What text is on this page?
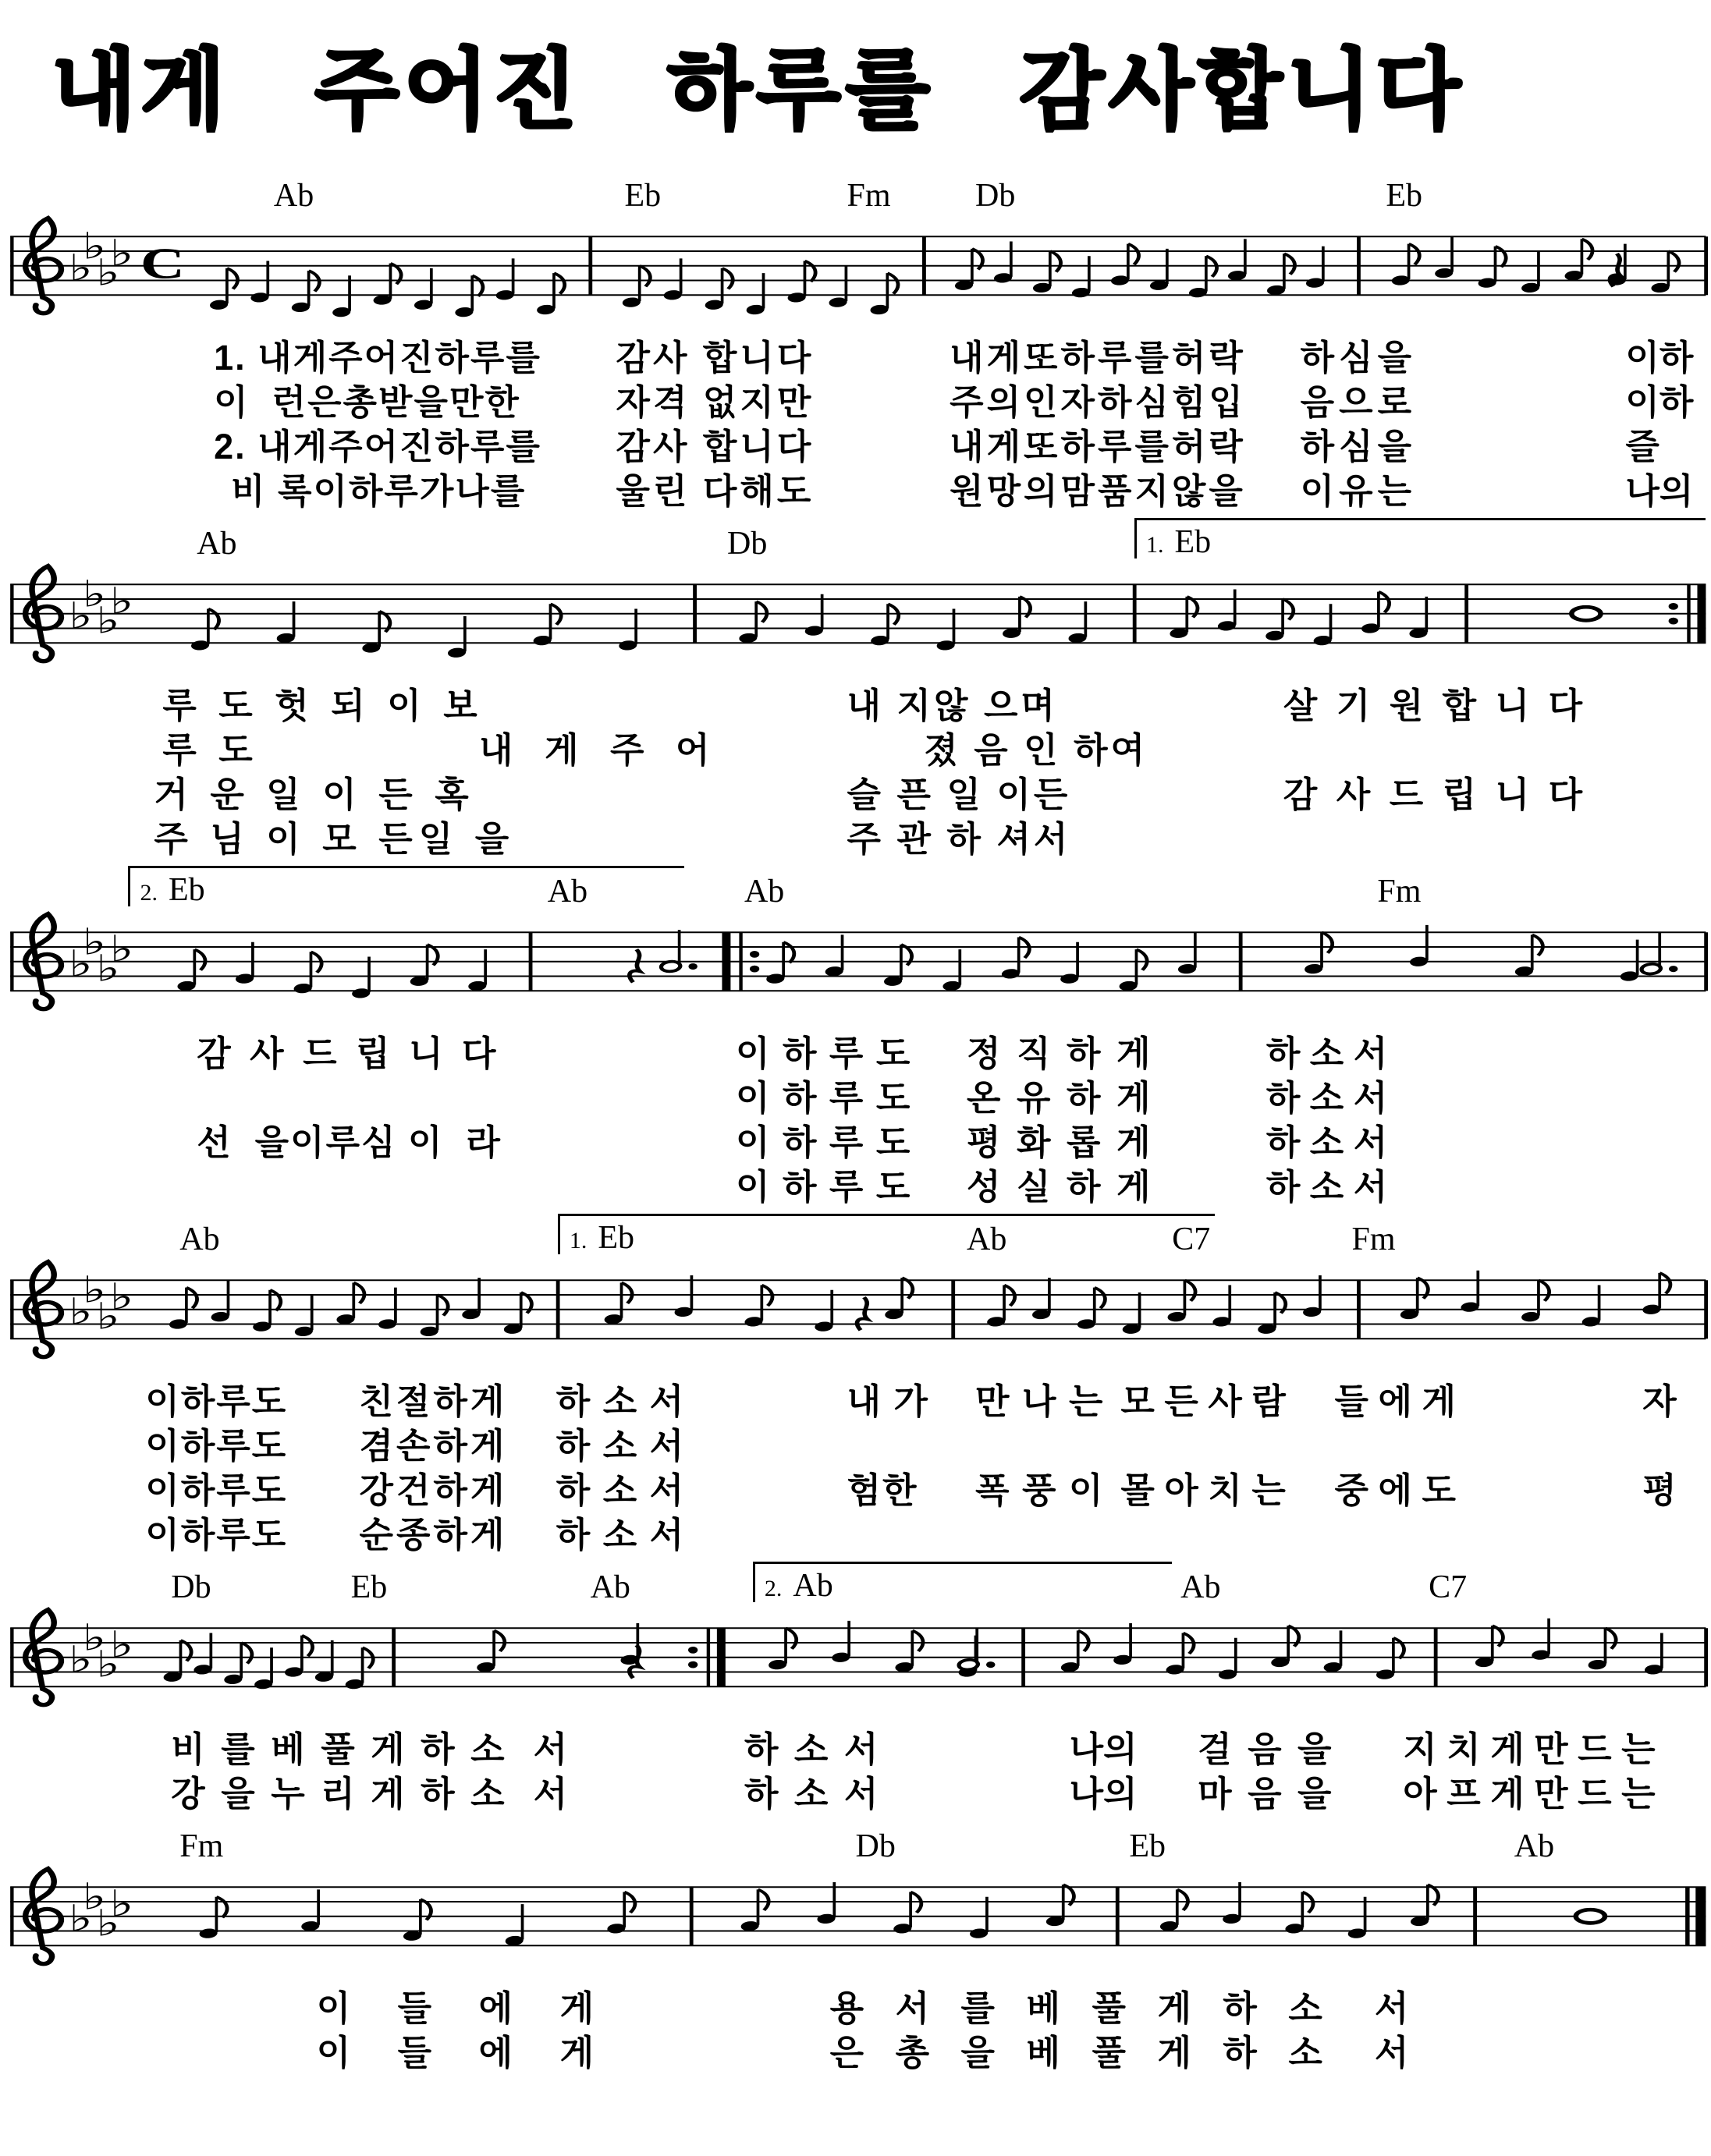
내게 주어진 하루를 감사합니다
Ab	Eb	Fm	Db	Eb
♭
♭
♭
♭ C
1. 내게주어진하루를 감사 합니다	내게또하루를허락 하심을	이하
이  런은총받을만한	자격 없지만	주의인자하심힘입 음으로	이하
2. 내게주어진하루를 감사 합니다	내게또하루를허락 하심을	즐
비 록이하루가나를	울린 다해도	원망의맘품지않을 이유는	나의
1. Eb
Ab	Db
♭
♭
♭
♭
루 도 헛 되 이 보	내 지않 으며	살 기 원 합 니 다
루 도	내 게 주 어	졌 음 인 하여
거 운 일 이 든 혹	슬 픈 일 이든	감 사 드 립 니 다
주 님 이 모 든일 을	주 관 하 셔서
2. Eb	Ab	Ab	Fm
♭
♭
♭
♭
감 사 드 립 니 다	이 하 루 도 정 직 하 게	하 소 서
이 하 루 도 온 유 하 게	하 소 서
선  을이루심 이  라	이 하 루 도 평 화 롭 게	하 소 서
이 하 루 도 성 실 하 게	하 소 서
1. Eb
Ab	Ab	C7	Fm
♭
♭
♭
♭
이하루도 친절하게 하 소 서	내 가 만 나 는 모 든 사 람 들 에 게	자
이하루도 겸손하게 하 소 서
이하루도 강건하게 하 소 서	험한 폭 풍 이 몰 아 치 는 중 에 도	평
이하루도 순종하게 하 소 서
2. Ab
Db	Eb	Ab	Ab	C7
♭
♭
♭
♭
비 를 베 풀 게 하 소  서	하 소 서	나의 걸 음 을 지 치 게 만 드 는
강 을 누 리 게 하 소  서	하 소 서	나의 마 음 을 아 프 게 만 드 는
Fm	Db	Eb	Ab
♭
♭
♭
♭
이 들 에 게	용 서 를 베 풀 게 하 소  서
이 들 에 게	은 총 을 베 풀 게 하 소  서
